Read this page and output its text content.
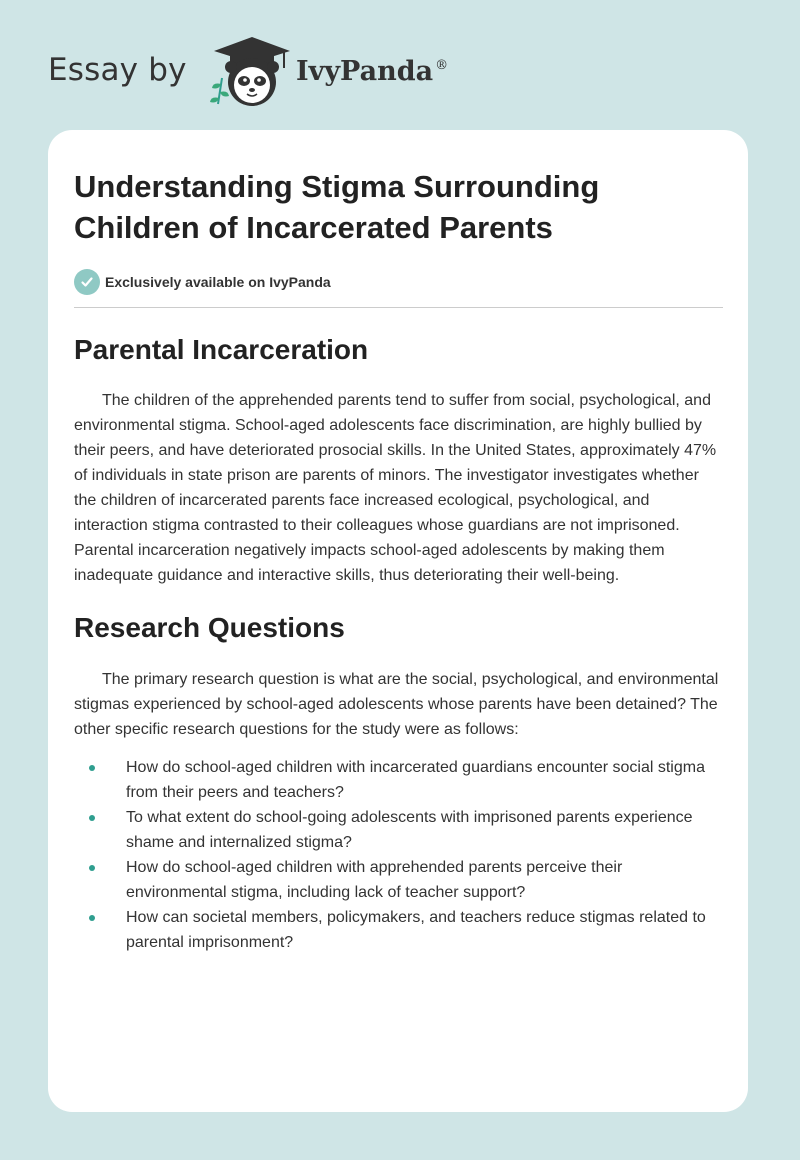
Essay by	IvyPanda ®
Understanding Stigma Surrounding
Children of Incarcerated Parents
Exclusively available on IvyPanda
Parental Incarceration

The children of the apprehended parents tend to suffer from social, psychological, and environmental stigma. School-aged adolescents face discrimination, are highly bullied by their peers, and have deteriorated prosocial skills. In the United States, approximately 47% of individuals in state prison are parents of minors. The investigator investigates whether the children of incarcerated parents face increased ecological, psychological, and interaction stigma contrasted to their colleagues whose guardians are not imprisoned. Parental incarceration negatively impacts school-aged adolescents by making them inadequate guidance and interactive skills, thus deteriorating their well-being.

Research Questions

The primary research question is what are the social, psychological, and environmental stigmas experienced by school-aged adolescents whose parents have been detained? The other specific research questions for the study were as follows:

How do school-aged children with incarcerated guardians encounter social stigma from their peers and teachers?
To what extent do school-going adolescents with imprisoned parents experience shame and internalized stigma?
How do school-aged children with apprehended parents perceive their environmental stigma, including lack of teacher support?
How can societal members, policymakers, and teachers reduce stigmas related to parental imprisonment?
